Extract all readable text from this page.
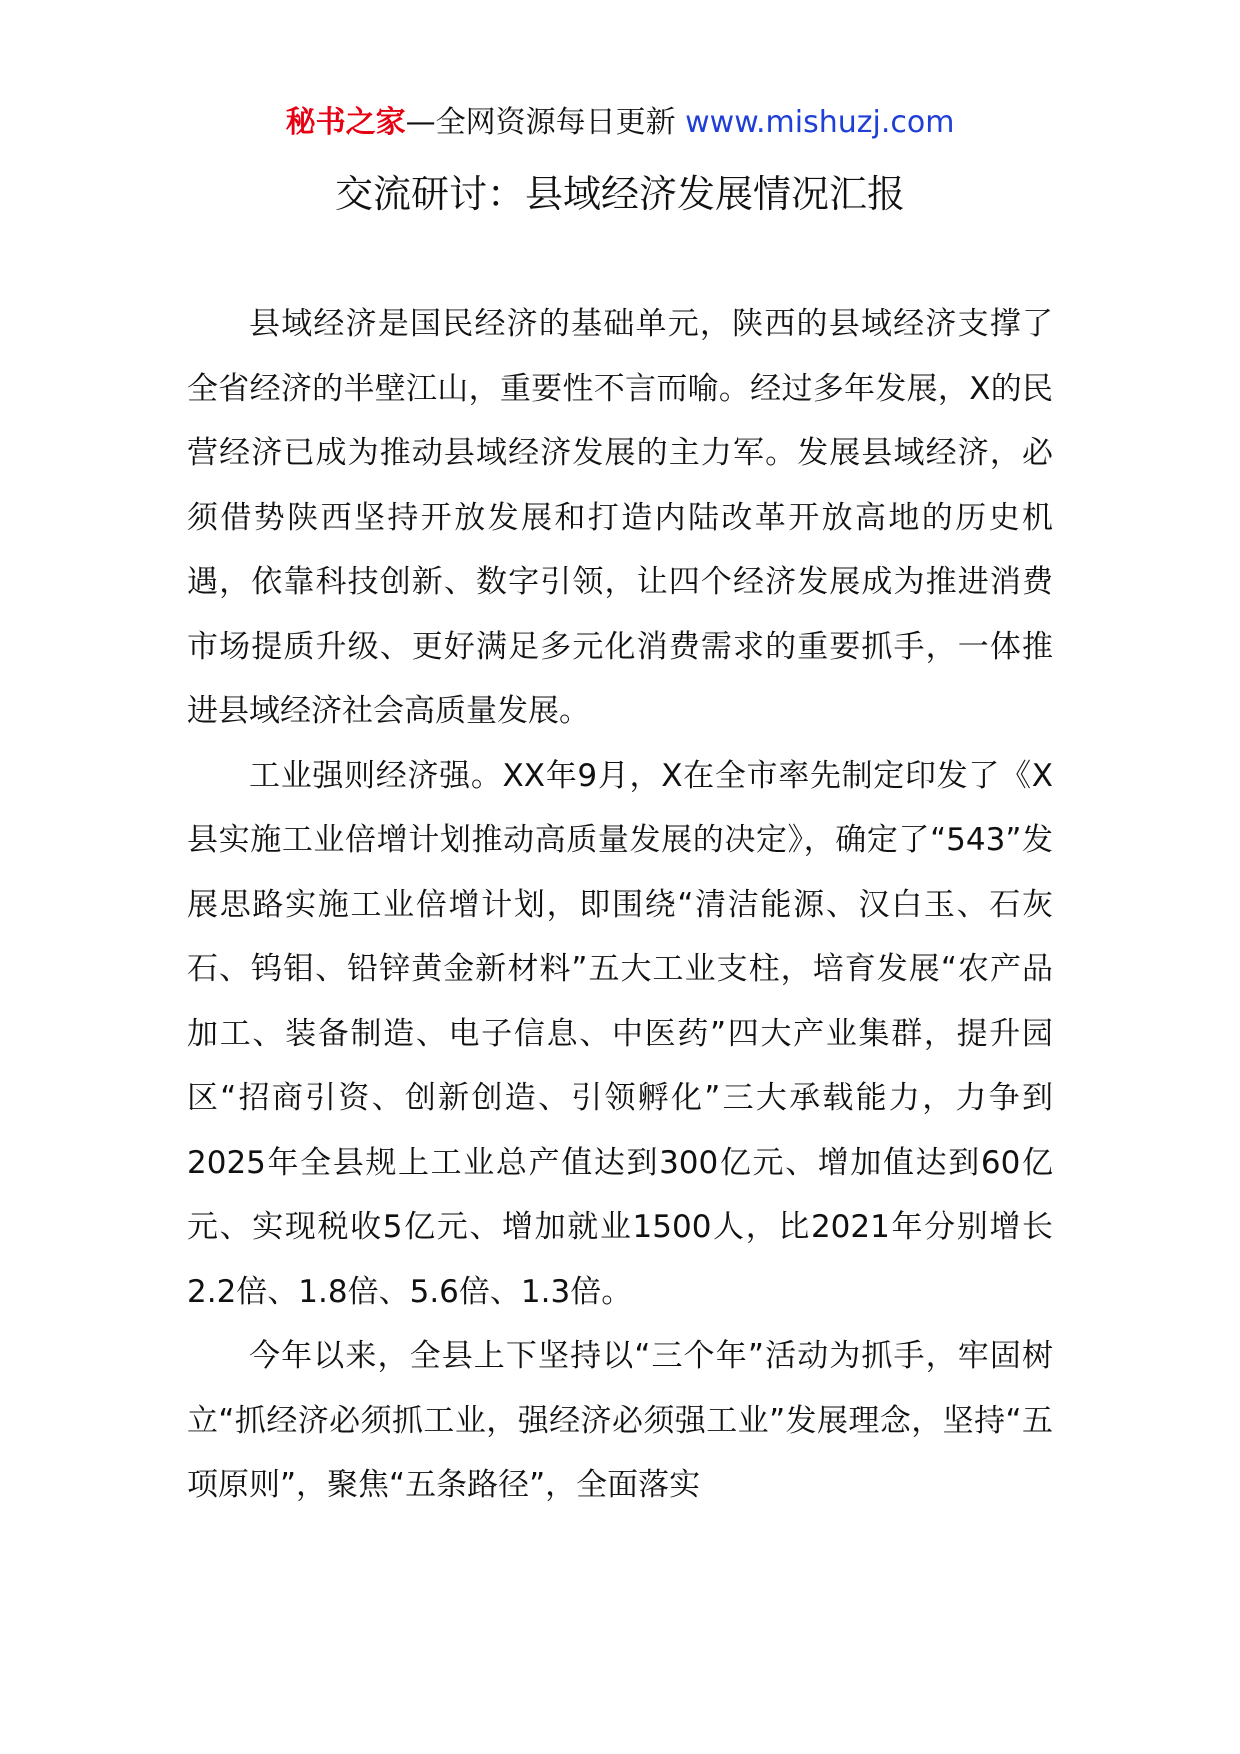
秘书之家—全网资源每日更新 www.mishuzj.com
交流研讨：县域经济发展情况汇报

县域经济是国民经济的基础单元，陕西的县域经济支撑了全省经济的半壁江山，重要性不言而喻。经过多年发展，X的民营经济已成为推动县域经济发展的主力军。发展县域经济，必须借势陕西坚持开放发展和打造内陆改革开放高地的历史机遇，依靠科技创新、数字引领，让四个经济发展成为推进消费市场提质升级、更好满足多元化消费需求的重要抓手，一体推进县域经济社会高质量发展。

工业强则经济强。XX年9月，X在全市率先制定印发了《X县实施工业倍增计划推动高质量发展的决定》，确定了“543”发展思路实施工业倍增计划，即围绕“清洁能源、汉白玉、石灰石、钨钼、铅锌黄金新材料”五大工业支柱，培育发展“农产品加工、装备制造、电子信息、中医药”四大产业集群，提升园区“招商引资、创新创造、引领孵化”三大承载能力，力争到2025年全县规上工业总产值达到300亿元、增加值达到60亿元、实现税收5亿元、增加就业1500人，比2021年分别增长2.2倍、1.8倍、5.6倍、1.3倍。

今年以来，全县上下坚持以“三个年”活动为抓手，牢固树立“抓经济必须抓工业，强经济必须强工业”发展理念，坚持“五项原则”，聚焦“五条路径”，全面落实
